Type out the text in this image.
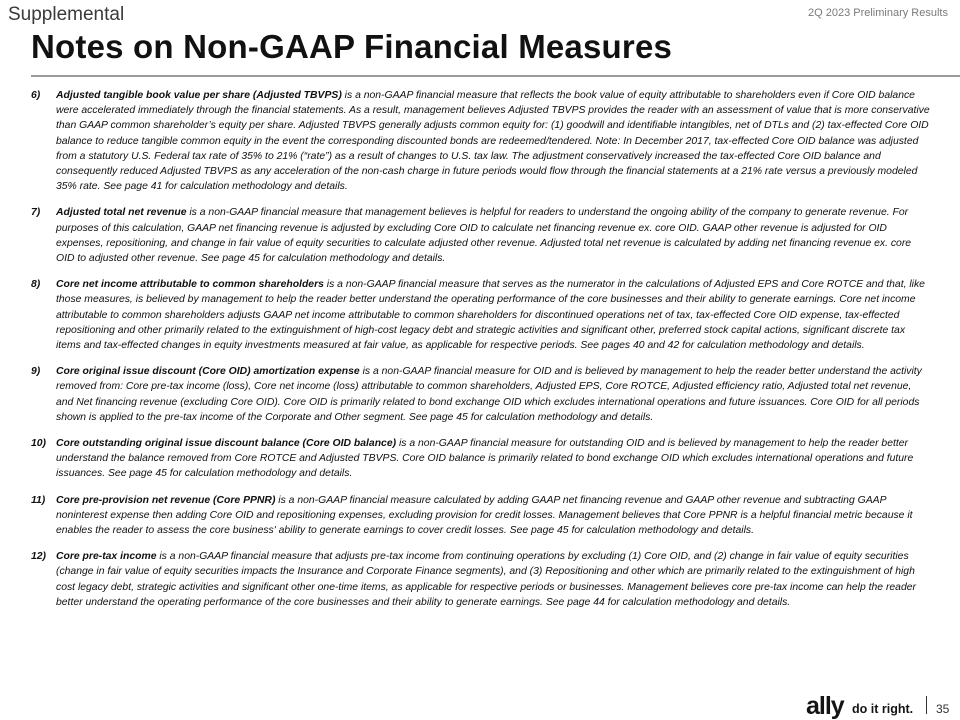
Supplemental	2Q 2023 Preliminary Results
Notes on Non-GAAP Financial Measures
6)	Adjusted tangible book value per share (Adjusted TBVPS) is a non-GAAP financial measure that reflects the book value of equity attributable to shareholders even if Core OID balance were accelerated immediately through the financial statements. As a result, management believes Adjusted TBVPS provides the reader with an assessment of value that is more conservative than GAAP common shareholder’s equity per share. Adjusted TBVPS generally adjusts common equity for: (1) goodwill and identifiable intangibles, net of DTLs and (2) tax-effected Core OID balance to reduce tangible common equity in the event the corresponding discounted bonds are redeemed/tendered. Note: In December 2017, tax-effected Core OID balance was adjusted from a statutory U.S. Federal tax rate of 35% to 21% (“rate”) as a result of changes to U.S. tax law. The adjustment conservatively increased the tax-effected Core OID balance and consequently reduced Adjusted TBVPS as any acceleration of the non-cash charge in future periods would flow through the financial statements at a 21% rate versus a previously modeled 35% rate. See page 41 for calculation methodology and details.

7)	Adjusted total net revenue is a non-GAAP financial measure that management believes is helpful for readers to understand the ongoing ability of the company to generate revenue. For purposes of this calculation, GAAP net financing revenue is adjusted by excluding Core OID to calculate net financing revenue ex. core OID. GAAP other revenue is adjusted for OID expenses, repositioning, and change in fair value of equity securities to calculate adjusted other revenue. Adjusted total net revenue is calculated by adding net financing revenue ex. core OID to adjusted other revenue. See page 45 for calculation methodology and details.

8)	Core net income attributable to common shareholders is a non-GAAP financial measure that serves as the numerator in the calculations of Adjusted EPS and Core ROTCE and that, like those measures, is believed by management to help the reader better understand the operating performance of the core businesses and their ability to generate earnings. Core net income attributable to common shareholders adjusts GAAP net income attributable to common shareholders for discontinued operations net of tax, tax-effected Core OID expense, tax-effected repositioning and other primarily related to the extinguishment of high-cost legacy debt and strategic activities and significant other, preferred stock capital actions, significant discrete tax items and tax-effected changes in equity investments measured at fair value, as applicable for respective periods. See pages 40 and 42 for calculation methodology and details.

9)	Core original issue discount (Core OID) amortization expense is a non-GAAP financial measure for OID and is believed by management to help the reader better understand the activity removed from: Core pre-tax income (loss), Core net income (loss) attributable to common shareholders, Adjusted EPS, Core ROTCE, Adjusted efficiency ratio, Adjusted total net revenue, and Net financing revenue (excluding Core OID). Core OID is primarily related to bond exchange OID which excludes international operations and future issuances. Core OID for all periods shown is applied to the pre-tax income of the Corporate and Other segment. See page 45 for calculation methodology and details.

10) Core outstanding original issue discount balance (Core OID balance) is a non-GAAP financial measure for outstanding OID and is believed by management to help the reader better understand the balance removed from Core ROTCE and Adjusted TBVPS. Core OID balance is primarily related to bond exchange OID which excludes international operations and future issuances. See page 45 for calculation methodology and details.

11)	Core pre-provision net revenue (Core PPNR) is a non-GAAP financial measure calculated by adding GAAP net financing revenue and GAAP other revenue and subtracting GAAP noninterest expense then adding Core OID and repositioning expenses, excluding provision for credit losses. Management believes that Core PPNR is a helpful financial metric because it enables the reader to assess the core business' ability to generate earnings to cover credit losses. See page 45 for calculation methodology and details.

12) Core pre-tax income is a non-GAAP financial measure that adjusts pre-tax income from continuing operations by excluding (1) Core OID, and (2) change in fair value of equity securities (change in fair value of equity securities impacts the Insurance and Corporate Finance segments), and (3) Repositioning and other which are primarily related to the extinguishment of high cost legacy debt, strategic activities and significant other one-time items, as applicable for respective periods or businesses. Management believes core pre-tax income can help the reader better understand the operating performance of the core businesses and their ability to generate earnings. See page 44 for calculation methodology and details.

ally do it right. 35
